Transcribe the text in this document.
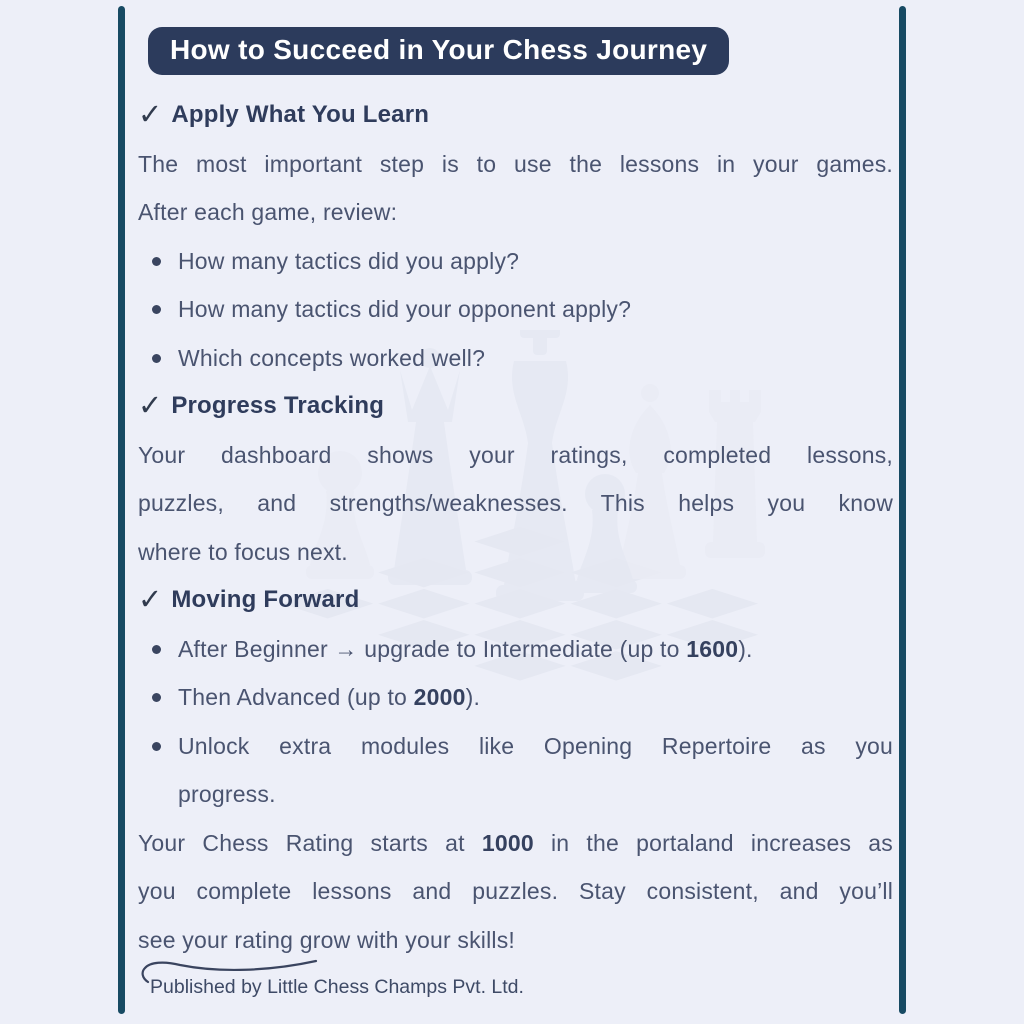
How to Succeed in Your Chess Journey
✓ Apply What You Learn
The most important step is to use the lessons in your games.
After each game, review:
How many tactics did you apply?
How many tactics did your opponent apply?
Which concepts worked well?
✓ Progress Tracking
Your dashboard shows your ratings, completed lessons,
puzzles, and strengths/weaknesses. This helps you know
where to focus next.
✓ Moving Forward
After Beginner → upgrade to Intermediate (up to 1600).
Then Advanced (up to 2000).
Unlock extra modules like Opening Repertoire as you
progress.
Your Chess Rating starts at 1000 in the portaland increases as
you complete lessons and puzzles. Stay consistent, and you’ll
see your rating grow with your skills!
Published by Little Chess Champs Pvt. Ltd.
